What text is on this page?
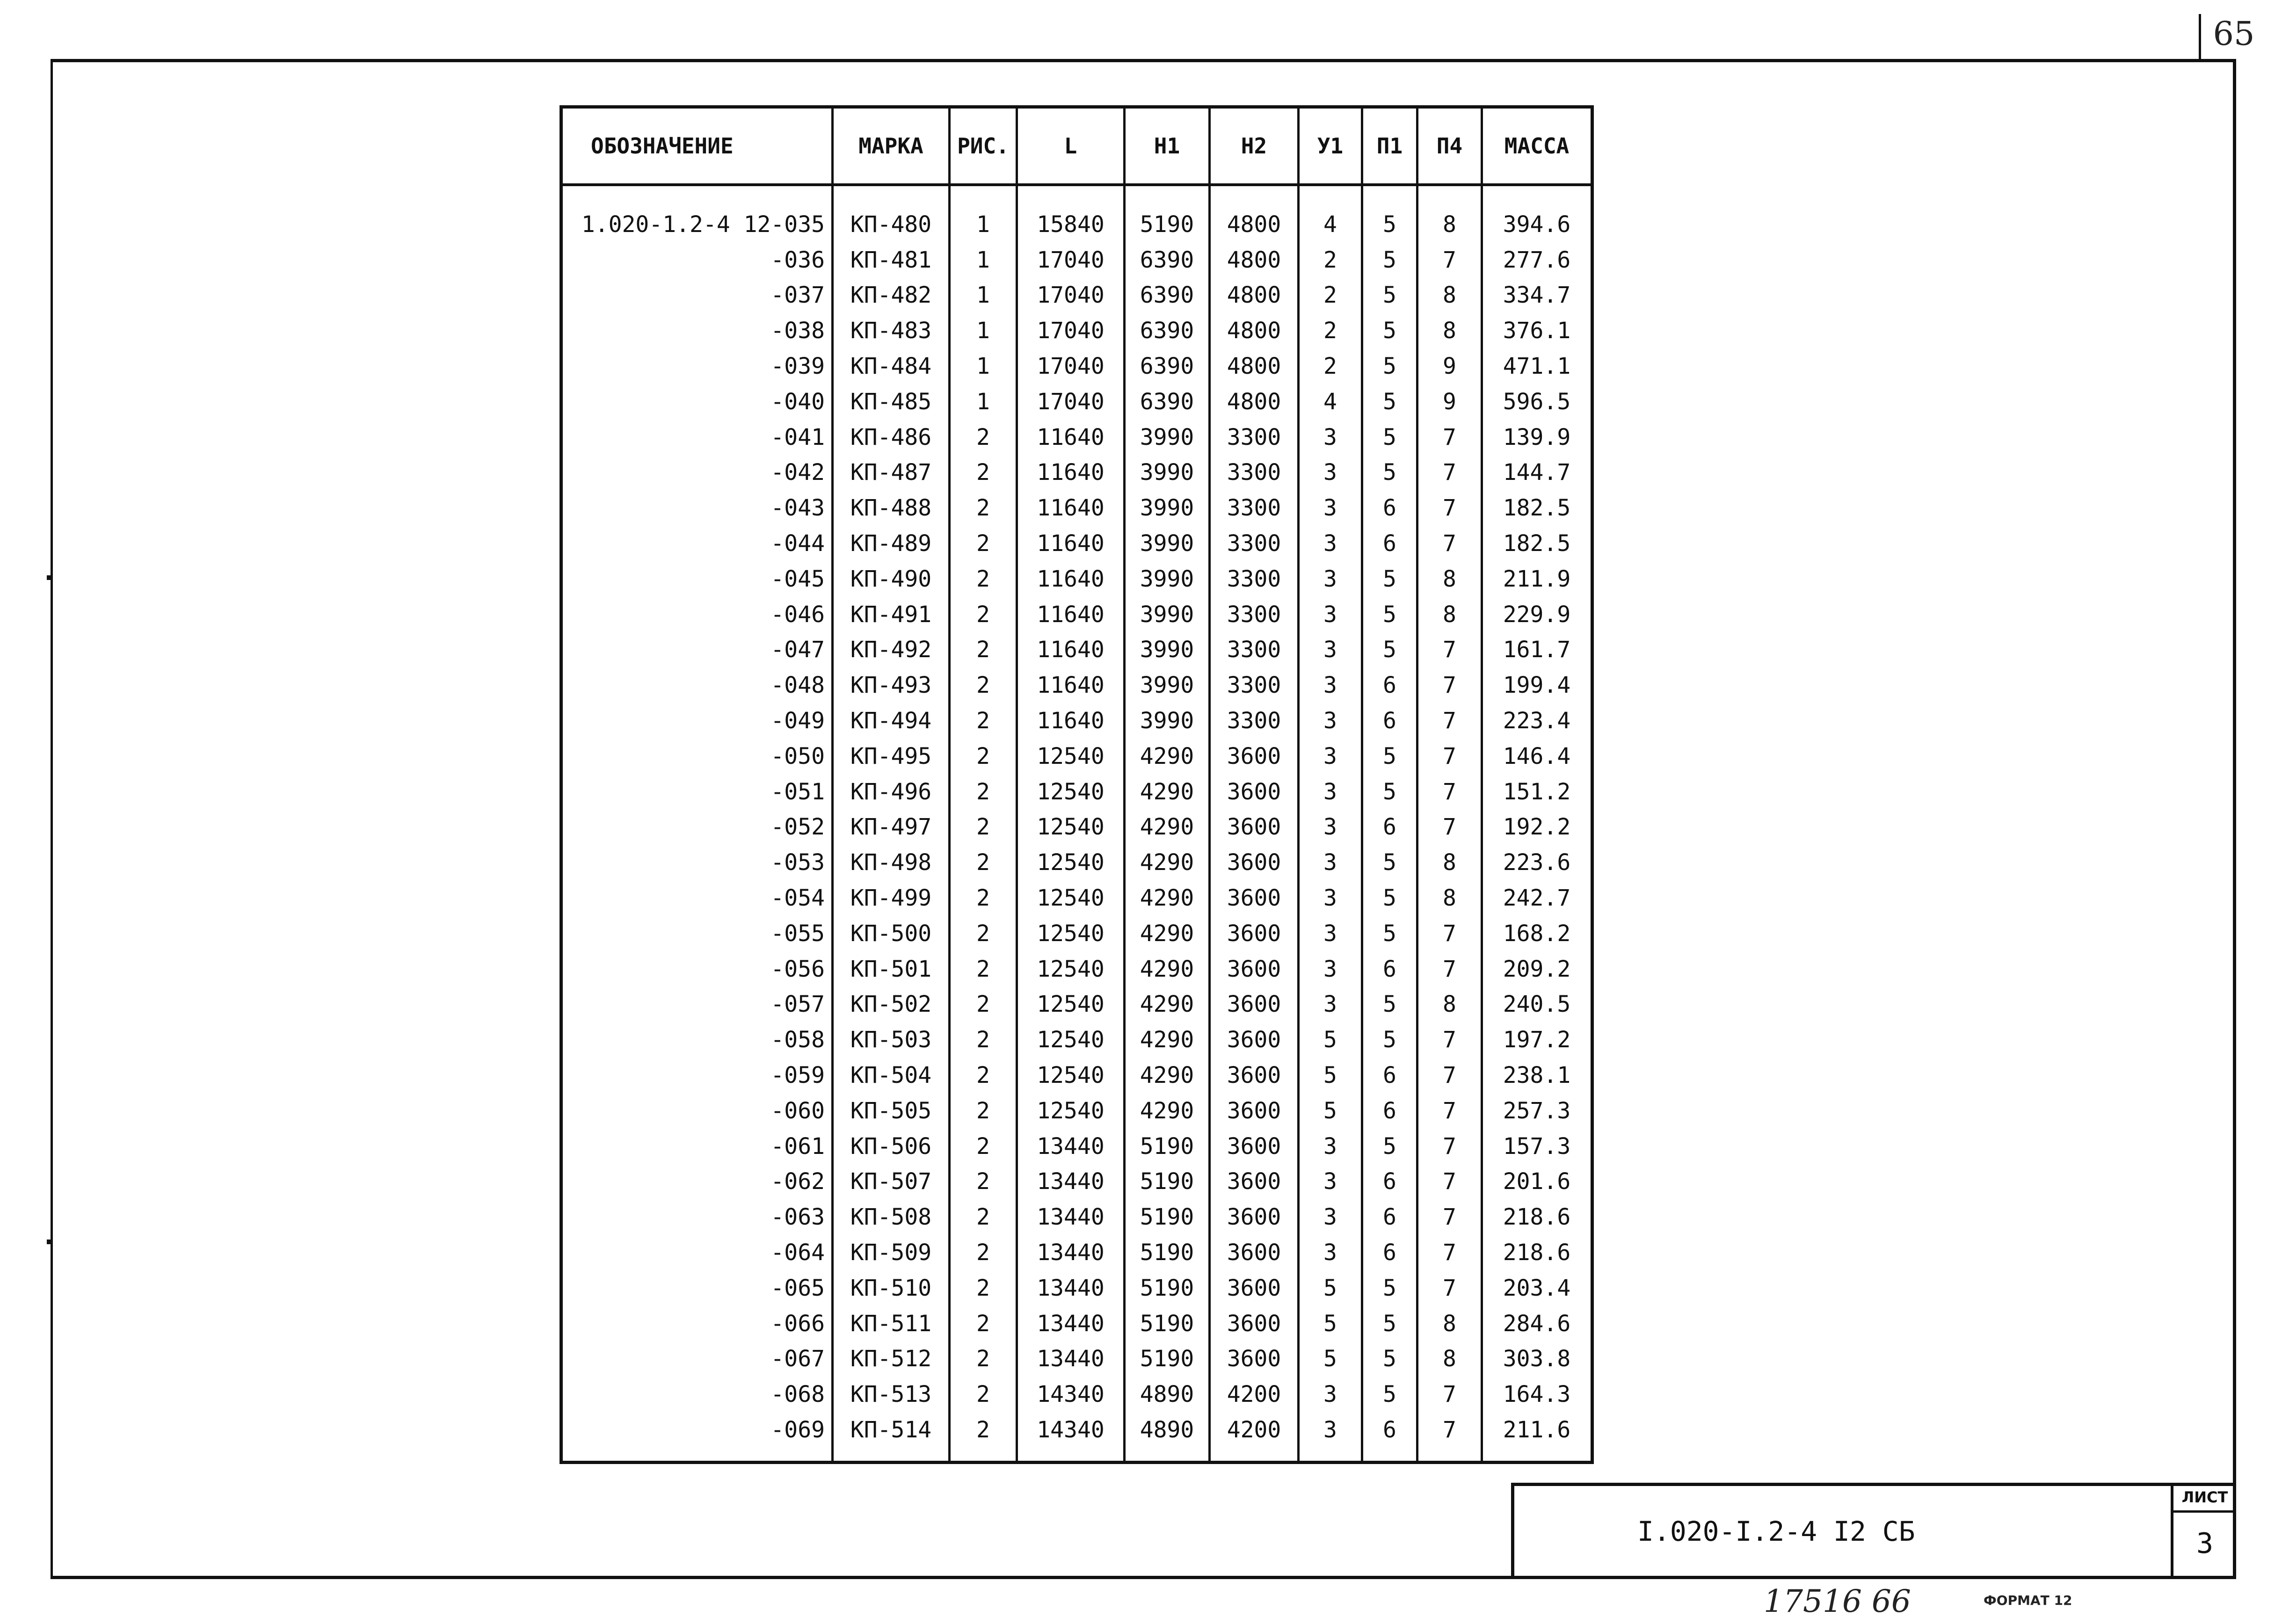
65
ОБОЗНАЧЕНИЕ	МАРКА	РИС.	L	H1	H2	У1	П1	П4	МАССА
1.020-1.2-4 12-035	КП-480	1	15840	5190	4800	4	5	8	394.6
-036	КП-481	1	17040	6390	4800	2	5	7	277.6
-037	КП-482	1	17040	6390	4800	2	5	8	334.7
-038	КП-483	1	17040	6390	4800	2	5	8	376.1
-039	КП-484	1	17040	6390	4800	2	5	9	471.1
-040	КП-485	1	17040	6390	4800	4	5	9	596.5
-041	КП-486	2	11640	3990	3300	3	5	7	139.9
-042	КП-487	2	11640	3990	3300	3	5	7	144.7
-043	КП-488	2	11640	3990	3300	3	6	7	182.5
-044	КП-489	2	11640	3990	3300	3	6	7	182.5
-045	КП-490	2	11640	3990	3300	3	5	8	211.9
-046	КП-491	2	11640	3990	3300	3	5	8	229.9
-047	КП-492	2	11640	3990	3300	3	5	7	161.7
-048	КП-493	2	11640	3990	3300	3	6	7	199.4
-049	КП-494	2	11640	3990	3300	3	6	7	223.4
-050	КП-495	2	12540	4290	3600	3	5	7	146.4
-051	КП-496	2	12540	4290	3600	3	5	7	151.2
-052	КП-497	2	12540	4290	3600	3	6	7	192.2
-053	КП-498	2	12540	4290	3600	3	5	8	223.6
-054	КП-499	2	12540	4290	3600	3	5	8	242.7
-055	КП-500	2	12540	4290	3600	3	5	7	168.2
-056	КП-501	2	12540	4290	3600	3	6	7	209.2
-057	КП-502	2	12540	4290	3600	3	5	8	240.5
-058	КП-503	2	12540	4290	3600	5	5	7	197.2
-059	КП-504	2	12540	4290	3600	5	6	7	238.1
-060	КП-505	2	12540	4290	3600	5	6	7	257.3
-061	КП-506	2	13440	5190	3600	3	5	7	157.3
-062	КП-507	2	13440	5190	3600	3	6	7	201.6
-063	КП-508	2	13440	5190	3600	3	6	7	218.6
-064	КП-509	2	13440	5190	3600	3	6	7	218.6
-065	КП-510	2	13440	5190	3600	5	5	7	203.4
-066	КП-511	2	13440	5190	3600	5	5	8	284.6
-067	КП-512	2	13440	5190	3600	5	5	8	303.8
-068	КП-513	2	14340	4890	4200	3	5	7	164.3
-069	КП-514	2	14340	4890	4200	3	6	7	211.6
I.020-I.2-4 I2 СБ
ЛИСТ
3
17516 66	ФОРМАТ 12
